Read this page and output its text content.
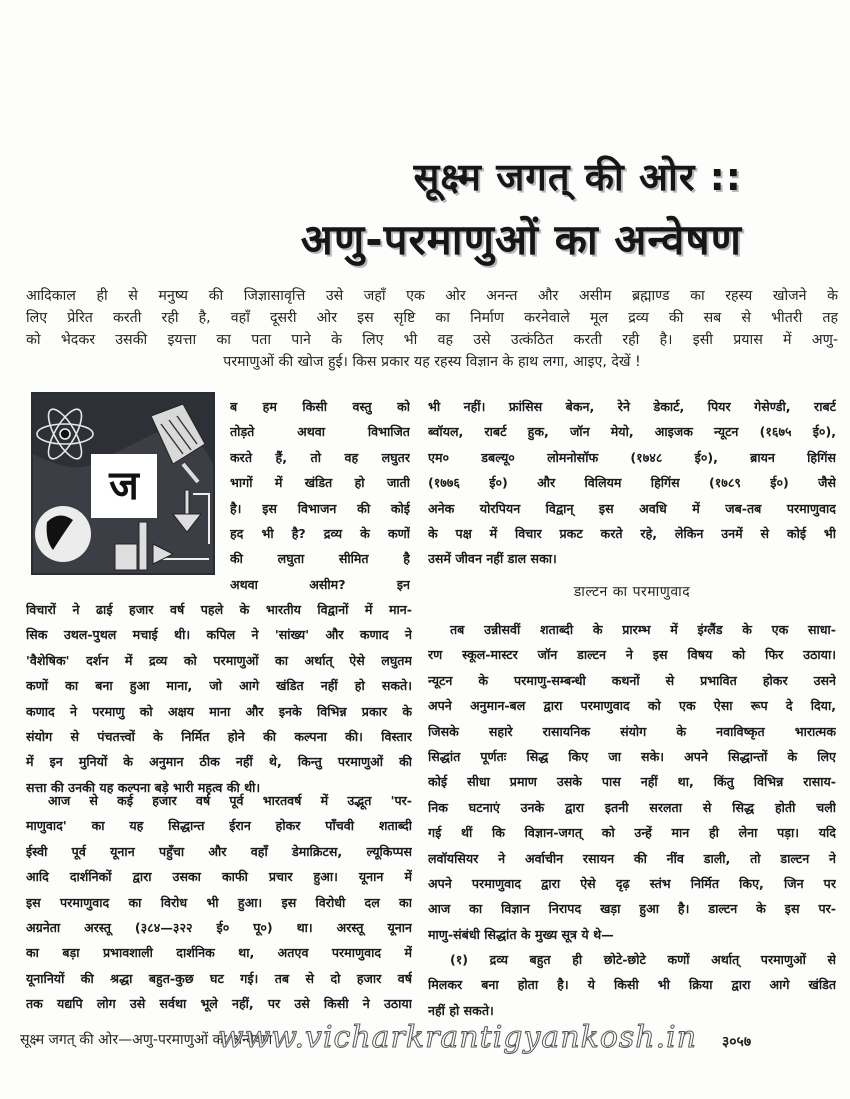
सूक्ष्म जगत् की ओर ::
अणु-परमाणुओं का अन्वेषण
आदिकाल ही से मनुष्य की जिज्ञासावृत्ति उसे जहाँ एक ओर अनन्त और असीम ब्रह्माण्ड का रहस्य खोजने के
लिए प्रेरित करती रही है, वहाँ दूसरी ओर इस सृष्टि का निर्माण करनेवाले मूल द्रव्य की सब से भीतरी तह
को भेदकर उसकी इयत्ता का पता पाने के लिए भी वह उसे उत्कंठित करती रही है। इसी प्रयास में अणु-
परमाणुओं की खोज हुई। किस प्रकार यह रहस्य विज्ञान के हाथ लगा, आइए, देखें !
ज
ब हम किसी वस्तु को
तोड़ते अथवा विभाजित
करते हैं, तो वह लघुतर
भागों में खंडित हो जाती
है। इस विभाजन की कोई
हद भी है? द्रव्य के कणों
की लघुता सीमित है
अथवा असीम? इन
विचारों ने ढाई हजार वर्ष पहले के भारतीय विद्वानों में मान-
सिक उथल-पुथल मचाई थी। कपिल ने 'सांख्य' और कणाद ने
'वैशेषिक' दर्शन में द्रव्य को परमाणुओं का अर्थात् ऐसे लघुतम
कणों का बना हुआ माना, जो आगे खंडित नहीं हो सकते।
कणाद ने परमाणु को अक्षय माना और इनके विभिन्न प्रकार के
संयोग से पंचतत्त्वों के निर्मित होने की कल्पना की। विस्तार
में इन मुनियों के अनुमान ठीक नहीं थे, किन्तु परमाणुओं की
सत्ता की उनकी यह कल्पना बड़े भारी महत्व की थी।
आज से कई हजार वर्ष पूर्व भारतवर्ष में उद्भूत 'पर-
माणुवाद' का यह सिद्धान्त ईरान होकर पाँचवी शताब्दी
ईस्वी पूर्व यूनान पहुँचा और वहाँ डेमाक्रिटस, ल्यूकिप्पस
आदि दार्शनिकों द्वारा उसका काफी प्रचार हुआ। यूनान में
इस परमाणुवाद का विरोध भी हुआ। इस विरोधी दल का
अग्रनेता अरस्तू (३८४—३२२ ई० पू०) था। अरस्तू यूनान
का बड़ा प्रभावशाली दार्शनिक था, अतएव परमाणुवाद में
यूनानियों की श्रद्धा बहुत-कुछ घट गई। तब से दो हजार वर्ष
तक यद्यपि लोग उसे सर्वथा भूले नहीं, पर उसे किसी ने उठाया
भी नहीं। फ्रांसिस बेकन, रेने डेकार्ट, पियर गेसेण्डी, राबर्ट
ब्वॉयल, राबर्ट हुक, जॉन मेयो, आइजक न्यूटन (१६७५ ई०),
एम० डबल्यू० लोमनोसॉफ (१७४८ ई०), ब्रायन हिगिंस
(१७७६ ई०) और विलियम हिगिंस (१७८९ ई०) जैसे
अनेक योरपियन विद्वान् इस अवधि में जब-तब परमाणुवाद
के पक्ष में विचार प्रकट करते रहे, लेकिन उनमें से कोई भी
उसमें जीवन नहीं डाल सका।
डाल्टन का परमाणुवाद
तब उन्नीसवीं शताब्दी के प्रारम्भ में इंग्लैंड के एक साधा-
रण स्कूल-मास्टर जॉन डाल्टन ने इस विषय को फिर उठाया।
न्यूटन के परमाणु-सम्बन्धी कथनों से प्रभावित होकर उसने
अपने अनुमान-बल द्वारा परमाणुवाद को एक ऐसा रूप दे दिया,
जिसके सहारे रासायनिक संयोग के नवाविष्कृत भारात्मक
सिद्धांत पूर्णतः सिद्ध किए जा सके। अपने सिद्धान्तों के लिए
कोई सीधा प्रमाण उसके पास नहीं था, किंतु विभिन्न रासाय-
निक घटनाएं उनके द्वारा इतनी सरलता से सिद्ध होती चली
गई थीं कि विज्ञान-जगत् को उन्हें मान ही लेना पड़ा। यदि
लवॉयसियर ने अर्वाचीन रसायन की नींव डाली, तो डाल्टन ने
अपने परमाणुवाद द्वारा ऐसे दृढ़ स्तंभ निर्मित किए, जिन पर
आज का विज्ञान निरापद खड़ा हुआ है। डाल्टन के इस पर-
माणु-संबंधी सिद्धांत के मुख्य सूत्र ये थे—
(१) द्रव्य बहुत ही छोटे-छोटे कणों अर्थात् परमाणुओं से
मिलकर बना होता है। ये किसी भी क्रिया द्वारा आगे खंडित
नहीं हो सकते।
सूक्ष्म जगत् की ओर—अणु-परमाणुओं का अन्वेषण
www.vicharkrantigyankosh.in ३०५७
